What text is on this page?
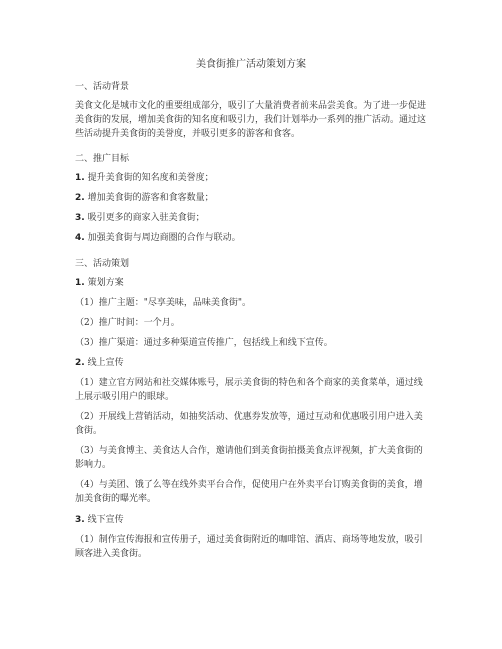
美食街推广活动策划方案
一、活动背景
美食文化是城市文化的重要组成部分，吸引了大量消费者前来品尝美食。为了进一步促进
美食街的发展，增加美食街的知名度和吸引力，我们计划举办一系列的推广活动。通过这
些活动提升美食街的美誉度，并吸引更多的游客和食客。
二、推广目标
1. 提升美食街的知名度和美誉度；
2. 增加美食街的游客和食客数量；
3. 吸引更多的商家入驻美食街；
4. 加强美食街与周边商圈的合作与联动。
三、活动策划
1. 策划方案
（1）推广主题："尽享美味，品味美食街"。
（2）推广时间：一个月。
（3）推广渠道：通过多种渠道宣传推广，包括线上和线下宣传。
2. 线上宣传
（1）建立官方网站和社交媒体账号，展示美食街的特色和各个商家的美食菜单，通过线
上展示吸引用户的眼球。
（2）开展线上营销活动，如抽奖活动、优惠券发放等，通过互动和优惠吸引用户进入美
食街。
（3）与美食博主、美食达人合作，邀请他们到美食街拍摄美食点评视频，扩大美食街的
影响力。
（4）与美团、饿了么等在线外卖平台合作，促使用户在外卖平台订购美食街的美食，增
加美食街的曝光率。
3. 线下宣传
（1）制作宣传海报和宣传册子，通过美食街附近的咖啡馆、酒店、商场等地发放，吸引
顾客进入美食街。
